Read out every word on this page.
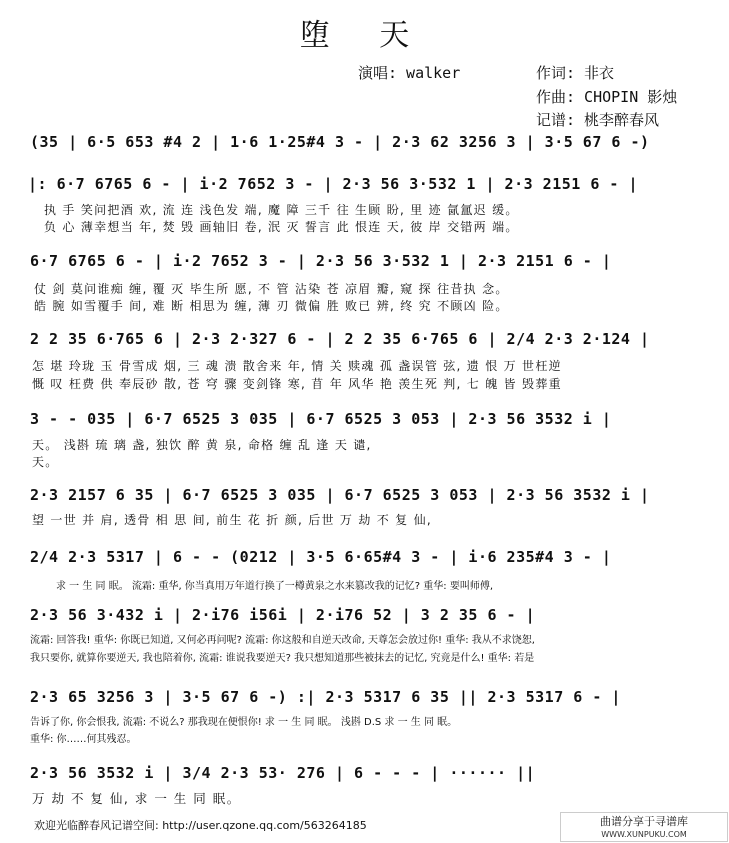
堕 天
演唱: walker	作词: 非衣
作曲: CHOPIN 影烛
记谱: 桃李醉春风
(35 | 6·5 653 #4 2 | 1·6 1·25#4 3 - | 2·3 62 3256 3 | 3·5 67 6 -)
|: 6·7 6765 6 - | i·2 7652 3 - | 2·3 56 3·532 1 | 2·3 2151 6 - |
执 手 笑问把酒 欢, 流 连 浅色发 端, 魔 障 三千 往 生顾 盼, 里 迹 氤氲迟 缓。
负 心 薄幸想当 年, 焚 毁 画轴旧 卷, 泯 灭 誓言 此 恨连 天, 彼 岸 交错两 端。
6·7 6765 6 - | i·2 7652 3 - | 2·3 56 3·532 1 | 2·3 2151 6 - |
仗 剑 莫问谁痴 缠, 覆 灭 毕生所 愿, 不 管 沾染 苍 凉眉 瓣, 窥 探 往昔执 念。
皓 腕 如雪覆手 间, 难 断 相思为 缠, 薄 刃 微偏 胜 败已 辨, 终 究 不顾凶 险。
2 2 35 6·765 6 | 2·3 2·327 6 - | 2 2 35 6·765 6 | 2/4 2·3 2·124 |
怎 堪 玲珑 玉 骨雪成 烟, 三 魂 溃 散舍来 年, 情 关 赎魂 孤 盏误管 弦, 遗 恨 万 世枉逆
慨 叹 枉费 供 奉辰砂 散, 苍 穹 骤 变剑锋 寒, 苜 年 风华 艳 羡生死 判, 七 魄 皆 毁葬重
3 - - 035 | 6·7 6525 3 035 | 6·7 6525 3 053 | 2·3 56 3532 i |
天。 浅斟 琉 璃 盏, 独饮 醉 黄 泉, 命格 缠 乱 逢 天 谴,
天。
2·3 2157 6 35 | 6·7 6525 3 035 | 6·7 6525 3 053 | 2·3 56 3532 i |
望 一世 并 肩, 透骨 相 思 间, 前生 花 折 颜, 后世 万 劫 不 复 仙,
2/4 2·3 5317 | 6 - - (0212 | 3·5 6·65#4 3 - | i·6 235#4 3 - |
求 一 生 同 眠。 流霜: 重华, 你当真用万年道行换了一樽黄泉之水来篡改我的记忆? 重华: 要叫师傅,
2·3 56 3·432 i | 2·i76 i56i | 2·i76 52 | 3 2 35 6 - |
流霜: 回答我! 重华: 你既已知道, 又何必再问呢? 流霜: 你这般和自逆天改命, 天尊怎会放过你! 重华: 我从不求饶恕,
我只要你, 就算你要逆天, 我也陪着你, 流霜: 谁说我要逆天? 我只想知道那些被抹去的记忆, 究竟是什么! 重华: 若是
2·3 65 3256 3 | 3·5 67 6 -) :| 2·3 5317 6 35 || 2·3 5317 6 - |
告诉了你, 你会恨我, 流霜: 不说么? 那我现在便恨你! 求 一 生 同 眠。 浅斟 D.S 求 一 生 同 眠。
重华: 你……何其残忍。
2·3 56 3532 i | 3/4 2·3 53· 276 | 6 - - - | ······ ||
万 劫 不 复 仙, 求 一 生 同 眠。
欢迎光临醉春风记谱空间: http://user.qzone.qq.com/563264185	曲谱分享于寻谱库
WWW.XUNPUKU.COM
